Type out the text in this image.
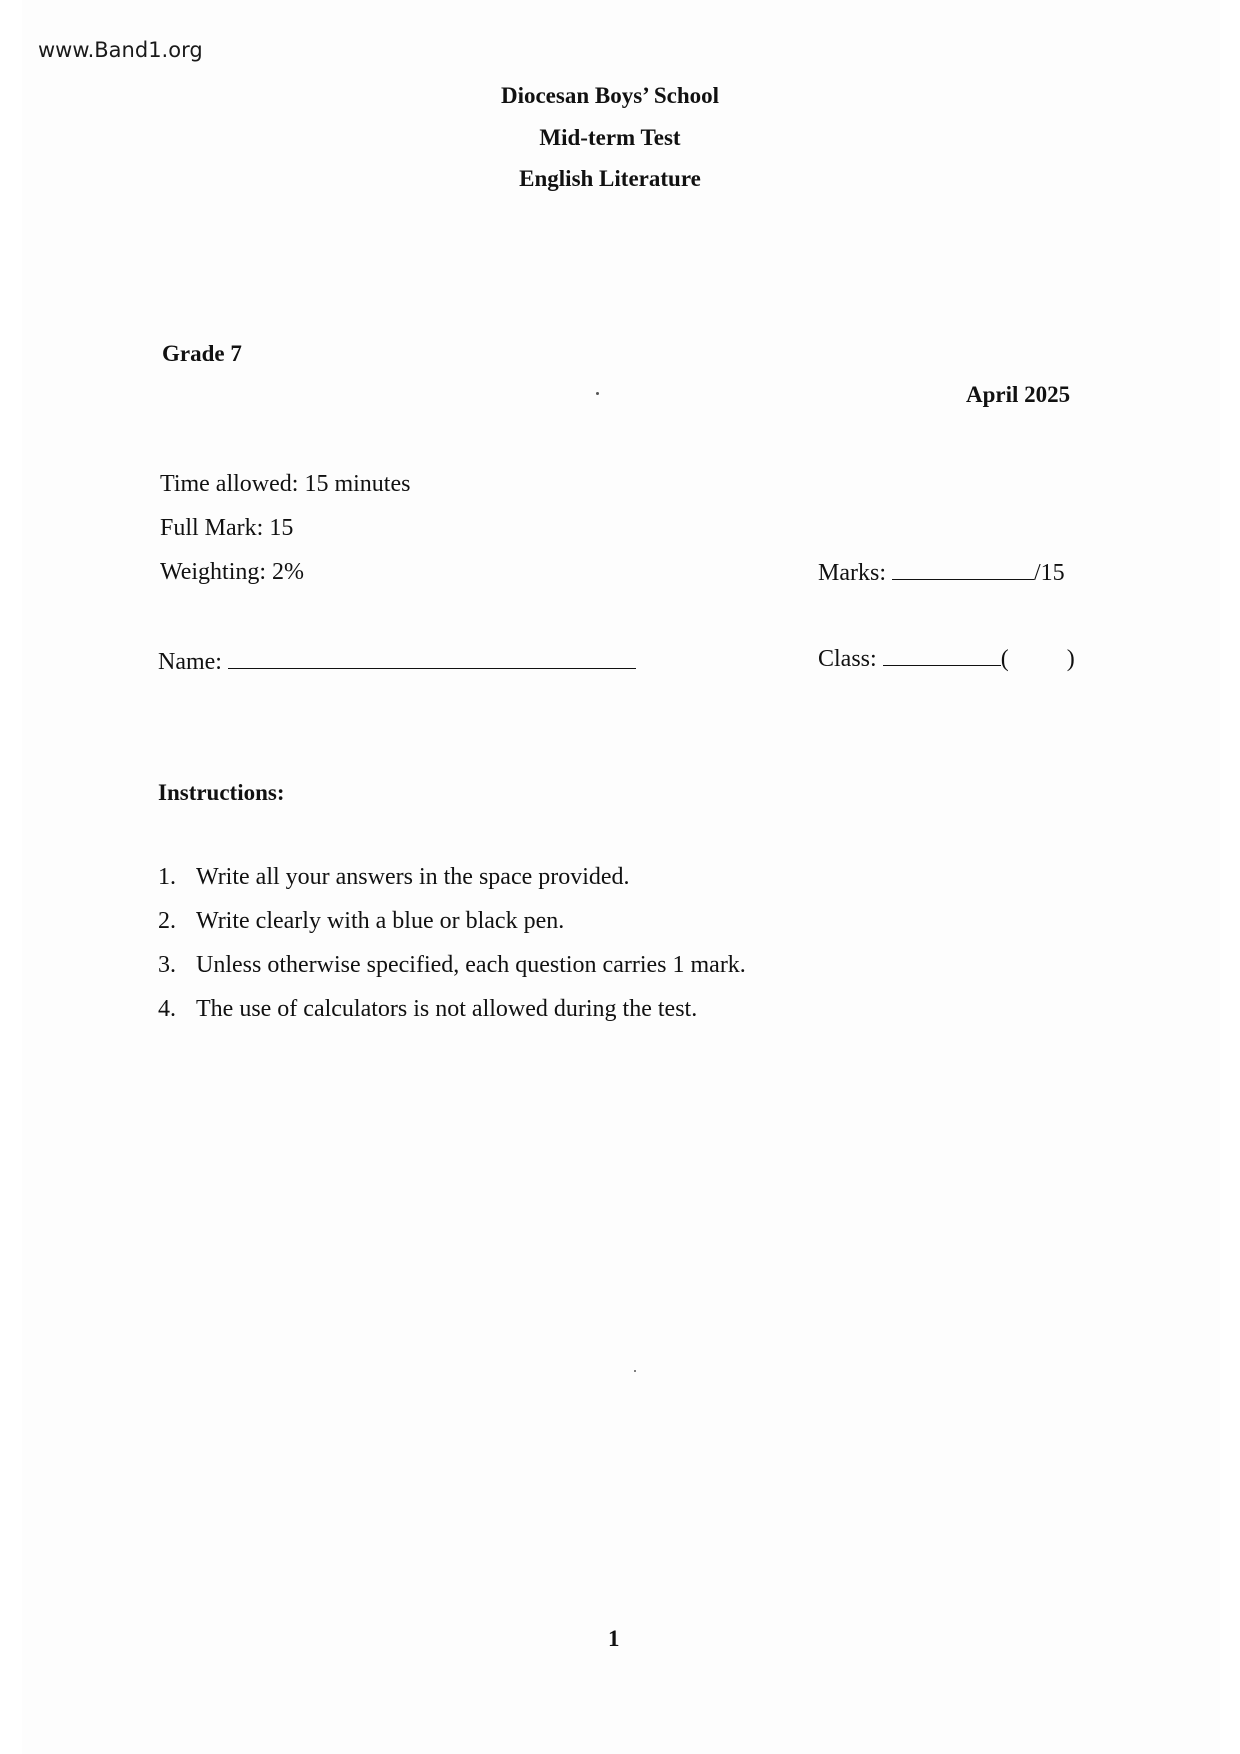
www.Band1.org
Diocesan Boys’ School
Mid-term Test
English Literature
Grade 7
April 2025
Time allowed: 15 minutes
Full Mark: 15
Weighting: 2%	Marks:	/15
Name:	Class:	( )
Instructions:
1. Write all your answers in the space provided.
2. Write clearly with a blue or black pen.
3. Unless otherwise specified, each question carries 1 mark.
4. The use of calculators is not allowed during the test.
1
